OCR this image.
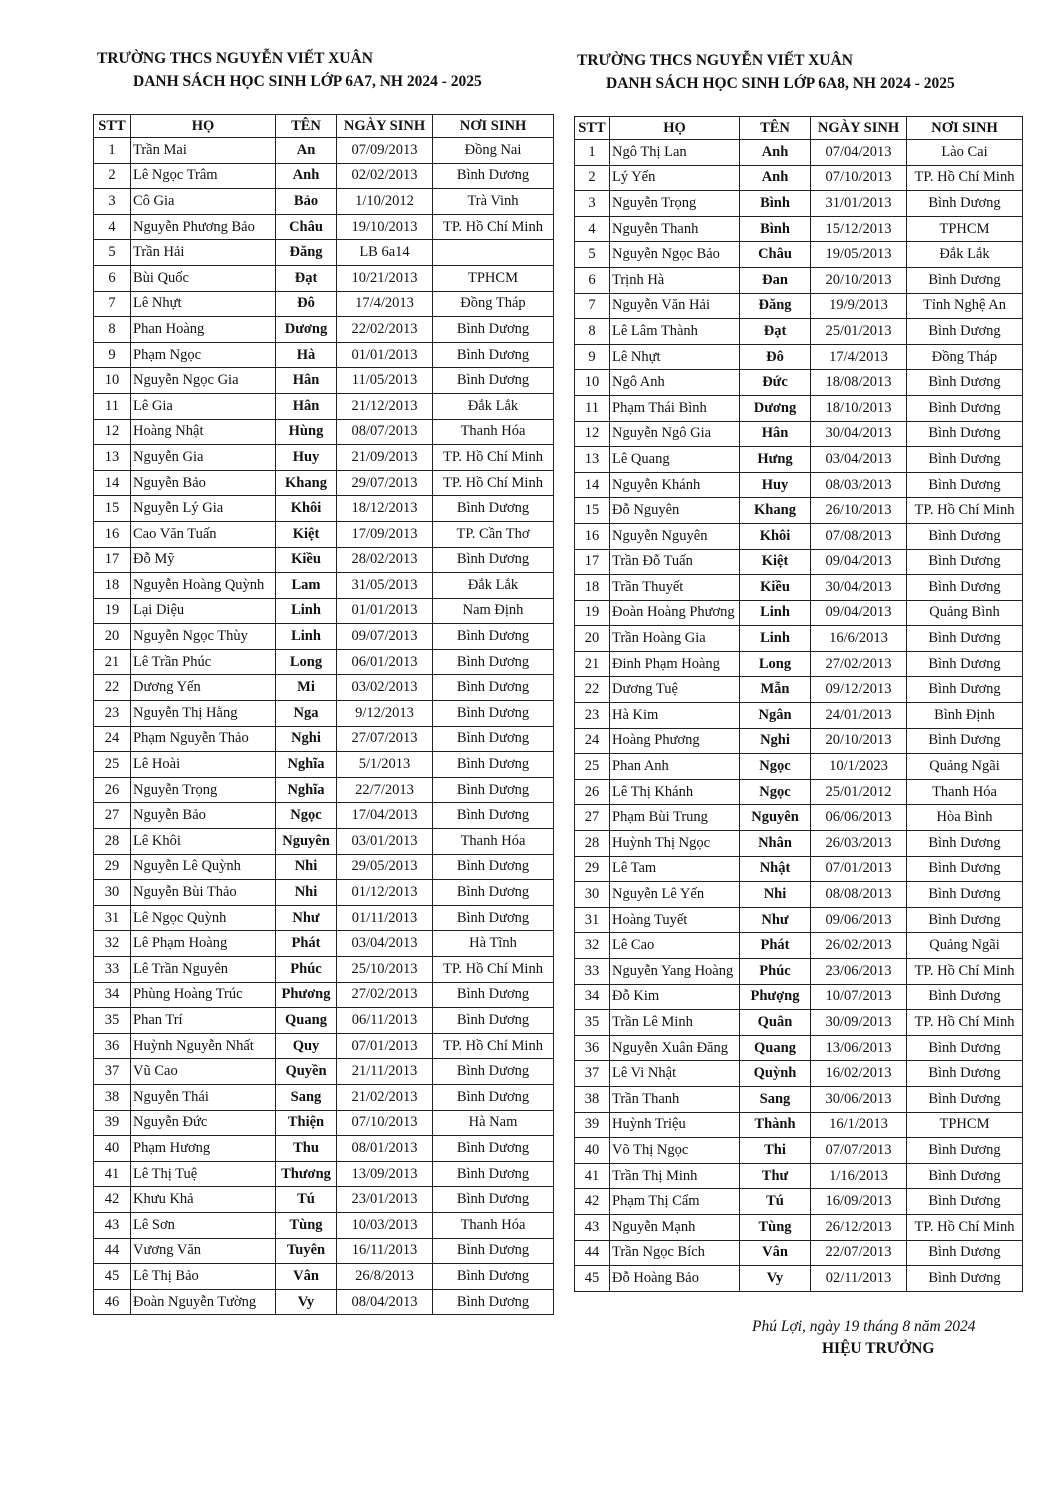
TRƯỜNG THCS NGUYỄN VIẾT XUÂN
DANH SÁCH HỌC SINH LỚP 6A7, NH 2024 - 2025
TRƯỜNG THCS NGUYỄN VIẾT XUÂN
DANH SÁCH HỌC SINH LỚP 6A8, NH 2024 - 2025
STT	HỌ	TÊN	NGÀY SINH	NƠI SINH
1	Trần Mai	An	07/09/2013	Đồng Nai
2	Lê Ngọc Trâm	Anh	02/02/2013	Bình Dương
3	Cô Gia	Bảo	1/10/2012	Trà Vinh
4	Nguyễn Phương Bảo	Châu	19/10/2013	TP. Hồ Chí Minh
5	Trần Hải	Đăng	LB 6a14	
6	Bùi Quốc	Đạt	10/21/2013	TPHCM
7	Lê Nhựt	Đô	17/4/2013	Đồng Tháp
8	Phan Hoàng	Dương	22/02/2013	Bình Dương
9	Phạm Ngọc	Hà	01/01/2013	Bình Dương
10	Nguyễn Ngọc Gia	Hân	11/05/2013	Bình Dương
11	Lê Gia	Hân	21/12/2013	Đắk Lắk
12	Hoàng Nhật	Hùng	08/07/2013	Thanh Hóa
13	Nguyễn Gia	Huy	21/09/2013	TP. Hồ Chí Minh
14	Nguyễn Bảo	Khang	29/07/2013	TP. Hồ Chí Minh
15	Nguyễn Lý Gia	Khôi	18/12/2013	Bình Dương
16	Cao Văn Tuấn	Kiệt	17/09/2013	TP. Cần Thơ
17	Đỗ Mỹ	Kiều	28/02/2013	Bình Dương
18	Nguyễn Hoàng Quỳnh	Lam	31/05/2013	Đắk Lắk
19	Lại Diệu	Linh	01/01/2013	Nam Định
20	Nguyễn Ngọc Thùy	Linh	09/07/2013	Bình Dương
21	Lê Trần Phúc	Long	06/01/2013	Bình Dương
22	Dương Yến	Mi	03/02/2013	Bình Dương
23	Nguyễn Thị Hằng	Nga	9/12/2013	Bình Dương
24	Phạm Nguyễn Thảo	Nghi	27/07/2013	Bình Dương
25	Lê Hoài	Nghĩa	5/1/2013	Bình Dương
26	Nguyễn Trọng	Nghĩa	22/7/2013	Bình Dương
27	Nguyễn Bảo	Ngọc	17/04/2013	Bình Dương
28	Lê Khôi	Nguyên	03/01/2013	Thanh Hóa
29	Nguyễn Lê Quỳnh	Nhi	29/05/2013	Bình Dương
30	Nguyễn Bùi Thảo	Nhi	01/12/2013	Bình Dương
31	Lê Ngọc Quỳnh	Như	01/11/2013	Bình Dương
32	Lê Phạm Hoàng	Phát	03/04/2013	Hà Tĩnh
33	Lê Trần Nguyên	Phúc	25/10/2013	TP. Hồ Chí Minh
34	Phùng Hoàng Trúc	Phương	27/02/2013	Bình Dương
35	Phan Trí	Quang	06/11/2013	Bình Dương
36	Huỳnh Nguyễn Nhất	Quy	07/01/2013	TP. Hồ Chí Minh
37	Vũ Cao	Quyền	21/11/2013	Bình Dương
38	Nguyễn Thái	Sang	21/02/2013	Bình Dương
39	Nguyễn Đức	Thiện	07/10/2013	Hà Nam
40	Phạm Hương	Thu	08/01/2013	Bình Dương
41	Lê Thị Tuệ	Thương	13/09/2013	Bình Dương
42	Khưu Khả	Tú	23/01/2013	Bình Dương
43	Lê Sơn	Tùng	10/03/2013	Thanh Hóa
44	Vương Văn	Tuyên	16/11/2013	Bình Dương
45	Lê Thị Bảo	Vân	26/8/2013	Bình Dương
46	Đoàn Nguyễn Tường	Vy	08/04/2013	Bình Dương
STT	HỌ	TÊN	NGÀY SINH	NƠI SINH
1	Ngô Thị Lan	Anh	07/04/2013	Lào Cai
2	Lý Yến	Anh	07/10/2013	TP. Hồ Chí Minh
3	Nguyễn Trọng	Bình	31/01/2013	Bình Dương
4	Nguyễn Thanh	Bình	15/12/2013	TPHCM
5	Nguyễn Ngọc Bảo	Châu	19/05/2013	Đắk Lắk
6	Trịnh Hà	Đan	20/10/2013	Bình Dương
7	Nguyễn Văn Hải	Đăng	19/9/2013	Tỉnh Nghệ An
8	Lê Lâm Thành	Đạt	25/01/2013	Bình Dương
9	Lê Nhựt	Đô	17/4/2013	Đồng Tháp
10	Ngô Anh	Đức	18/08/2013	Bình Dương
11	Phạm Thái Bình	Dương	18/10/2013	Bình Dương
12	Nguyễn Ngô Gia	Hân	30/04/2013	Bình Dương
13	Lê Quang	Hưng	03/04/2013	Bình Dương
14	Nguyễn Khánh	Huy	08/03/2013	Bình Dương
15	Đỗ Nguyên	Khang	26/10/2013	TP. Hồ Chí Minh
16	Nguyễn Nguyên	Khôi	07/08/2013	Bình Dương
17	Trần Đỗ Tuấn	Kiệt	09/04/2013	Bình Dương
18	Trần Thuyết	Kiều	30/04/2013	Bình Dương
19	Đoàn Hoàng Phương	Linh	09/04/2013	Quảng Bình
20	Trần Hoàng Gia	Linh	16/6/2013	Bình Dương
21	Đinh Phạm Hoàng	Long	27/02/2013	Bình Dương
22	Dương Tuệ	Mẫn	09/12/2013	Bình Dương
23	Hà Kim	Ngân	24/01/2013	Bình Định
24	Hoàng Phương	Nghi	20/10/2013	Bình Dương
25	Phan Anh	Ngọc	10/1/2023	Quảng Ngãi
26	Lê Thị Khánh	Ngọc	25/01/2012	Thanh Hóa
27	Phạm Bùi Trung	Nguyên	06/06/2013	Hòa Bình
28	Huỳnh Thị Ngọc	Nhân	26/03/2013	Bình Dương
29	Lê Tam	Nhật	07/01/2013	Bình Dương
30	Nguyễn Lê Yến	Nhi	08/08/2013	Bình Dương
31	Hoàng Tuyết	Như	09/06/2013	Bình Dương
32	Lê Cao	Phát	26/02/2013	Quảng Ngãi
33	Nguyễn Yang Hoàng	Phúc	23/06/2013	TP. Hồ Chí Minh
34	Đỗ Kim	Phượng	10/07/2013	Bình Dương
35	Trần Lê Minh	Quân	30/09/2013	TP. Hồ Chí Minh
36	Nguyễn Xuân Đăng	Quang	13/06/2013	Bình Dương
37	Lê Vi Nhật	Quỳnh	16/02/2013	Bình Dương
38	Trần Thanh	Sang	30/06/2013	Bình Dương
39	Huỳnh Triệu	Thành	16/1/2013	TPHCM
40	Võ Thị Ngọc	Thi	07/07/2013	Bình Dương
41	Trần Thị Minh	Thư	1/16/2013	Bình Dương
42	Phạm Thị Cẩm	Tú	16/09/2013	Bình Dương
43	Nguyễn Mạnh	Tùng	26/12/2013	TP. Hồ Chí Minh
44	Trần Ngọc Bích	Vân	22/07/2013	Bình Dương
45	Đỗ Hoàng Bảo	Vy	02/11/2013	Bình Dương
Phú Lợi, ngày 19 tháng 8 năm 2024
HIỆU TRƯỞNG
